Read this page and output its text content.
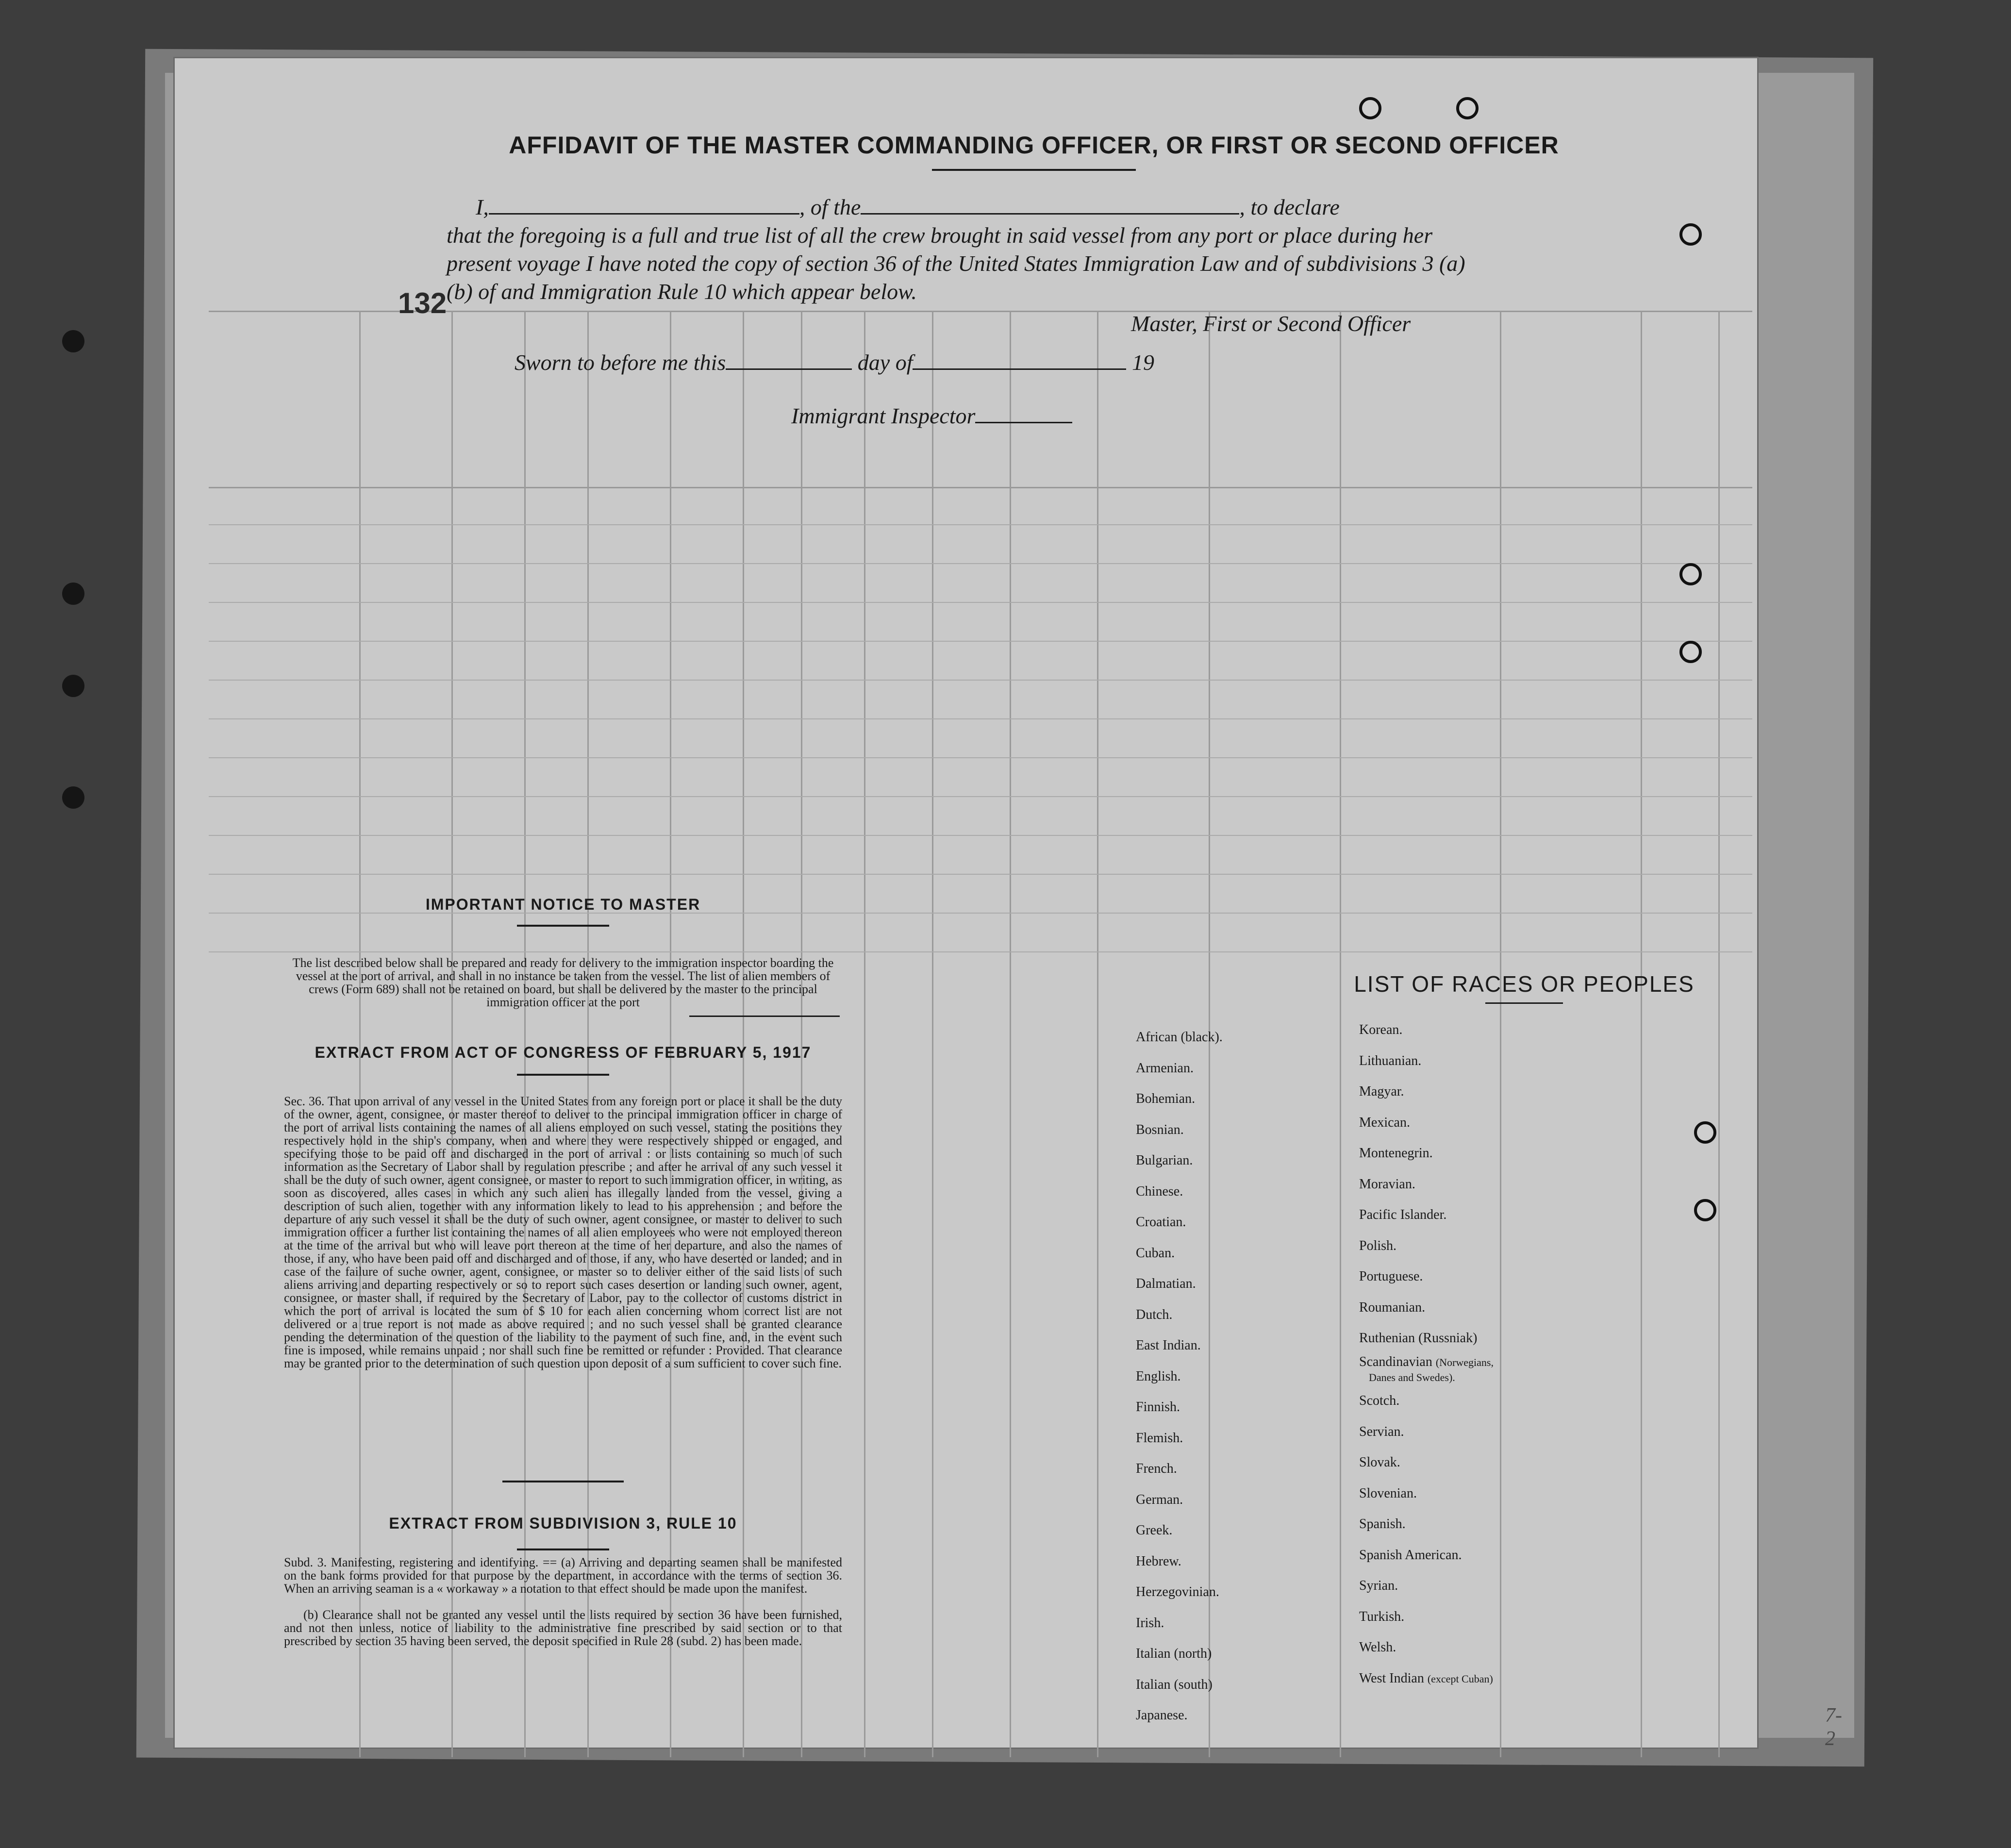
AFFIDAVIT OF THE MASTER COMMANDING OFFICER, OR FIRST OR SECOND OFFICER
I,	, of the	, to declare
that the foregoing is a full and true list of all the crew brought in said vessel from any port or place during her
present voyage I have noted the copy of section 36 of the United States Immigration Law and of subdivisions 3 (a)
(b) of and Immigration Rule 10 which appear below.
132
Master, First or Second Officer
Sworn to before me this	day of	19
Immigrant Inspector
IMPORTANT NOTICE TO MASTER
The list described below shall be prepared and ready for delivery to the immigration inspector boarding the vessel at the port of arrival, and shall in no instance be taken from the vessel. The list of alien members of crews (Form 689) shall not be retained on board, but shall be delivered by the master to the principal immigration officer at the port
EXTRACT FROM ACT OF CONGRESS OF FEBRUARY 5, 1917
Sec. 36. That upon arrival of any vessel in the United States from any foreign port or place it shall be the duty of the owner, agent, consignee, or master thereof to deliver to the principal immigration officer in charge of the port of arrival lists containing the names of all aliens employed on such vessel, stating the positions they respectively hold in the ship's company, when and where they were respectively shipped or engaged, and specifying those to be paid off and discharged in the port of arrival : or lists containing so much of such information as the Secretary of Labor shall by regulation prescribe ; and after he arrival of any such vessel it shall be the duty of such owner, agent consignee, or master to report to such immigration officer, in writing, as soon as discovered, alles cases in which any such alien has illegally landed from the vessel, giving a description of such alien, together with any information likely to lead to his apprehension ; and before the departure of any such vessel it shall be the duty of such owner, agent consignee, or master to deliver to such immigration officer a further list containing the names of all alien employees who were not employed thereon at the time of the arrival but who will leave port thereon at the time of her departure, and also the names of those, if any, who have been paid off and discharged and of those, if any, who have deserted or landed; and in case of the failure of suche owner, agent, consignee, or master so to deliver either of the said lists of such aliens arriving and departing respectively or so to report such cases desertion or landing such owner, agent, consignee, or master shall, if required by the Secretary of Labor, pay to the collector of customs district in which the port of arrival is located the sum of $ 10 for each alien concerning whom correct list are not delivered or a true report is not made as above required ; and no such vessel shall be granted clearance pending the determination of the question of the liability to the payment of such fine, and, in the event such fine is imposed, while remains unpaid ; nor shall such fine be remitted or refunder : Provided. That clearance may be granted prior to the determination of such question upon deposit of a sum sufficient to cover such fine.
EXTRACT FROM SUBDIVISION 3, RULE 10
Subd. 3. Manifesting, registering and identifying. == (a) Arriving and departing seamen shall be manifested on the bank forms provided for that purpose by the department, in accordance with the terms of section 36. When an arriving seaman is a « workaway » a notation to that effect should be made upon the manifest.
(b) Clearance shall not be granted any vessel until the lists required by section 36 have been furnished, and not then unless, notice of liability to the administrative fine prescribed by said section or to that prescribed by section 35 having been served, the deposit specified in Rule 28 (subd. 2) has been made.
LIST OF RACES OR PEOPLES
African (black).
Armenian.
Bohemian.
Bosnian.
Bulgarian.
Chinese.
Croatian.
Cuban.
Dalmatian.
Dutch.
East Indian.
English.
Finnish.
Flemish.
French.
German.
Greek.
Hebrew.
Herzegovinian.
Irish.
Italian (north)
Italian (south)
Japanese.
Korean.
Lithuanian.
Magyar.
Mexican.
Montenegrin.
Moravian.
Pacific Islander.
Polish.
Portuguese.
Roumanian.
Ruthenian (Russniak)
Scandinavian (Norwegians,
Danes and Swedes).
Scotch.
Servian.
Slovak.
Slovenian.
Spanish.
Spanish American.
Syrian.
Turkish.
Welsh.
West Indian (except Cuban)
7-2
